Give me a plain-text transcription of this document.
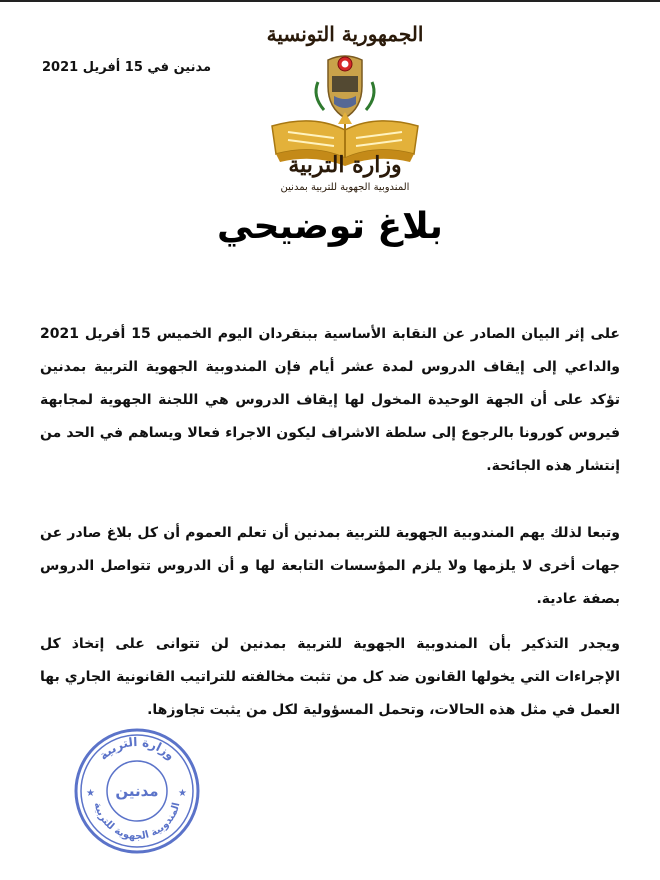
مدنين في 15 أفريل 2021
الجمهورية التونسية
وزارة التربية
المندوبية الجهوية للتربية بمدنين
بلاغ توضيحي
على إثر البيان الصادر عن النقابة الأساسية ببنقردان اليوم الخميس 15 أفريل 2021 والداعي إلى إيقاف الدروس لمدة عشر أيام فإن المندوبية الجهوية التربية بمدنين تؤكد على أن الجهة الوحيدة المخول لها إيقاف الدروس هي اللجنة الجهوية لمجابهة فيروس كورونا بالرجوع إلى سلطة الاشراف ليكون الاجراء فعالا ويساهم في الحد من إنتشار هذه الجائحة.
وتبعا لذلك يهم المندوبية الجهوية للتربية بمدنين أن تعلم العموم أن كل بلاغ صادر عن جهات أخرى لا يلزمها ولا يلزم المؤسسات التابعة لها و أن الدروس تتواصل الدروس بصفة عادية.
ويجدر التذكير بأن المندوبية الجهوية للتربية بمدنين لن تتوانى على إتخاذ كل الإجراءات التي يخولها القانون ضد كل من تثبت مخالفته للتراتيب القانونية الجاري بها العمل في مثل هذه الحالات، وتحمل المسؤولية لكل من يثبت تجاوزها.
وزارة التربية
مدنين
المندوبية الجهوية للتربية
★	★
